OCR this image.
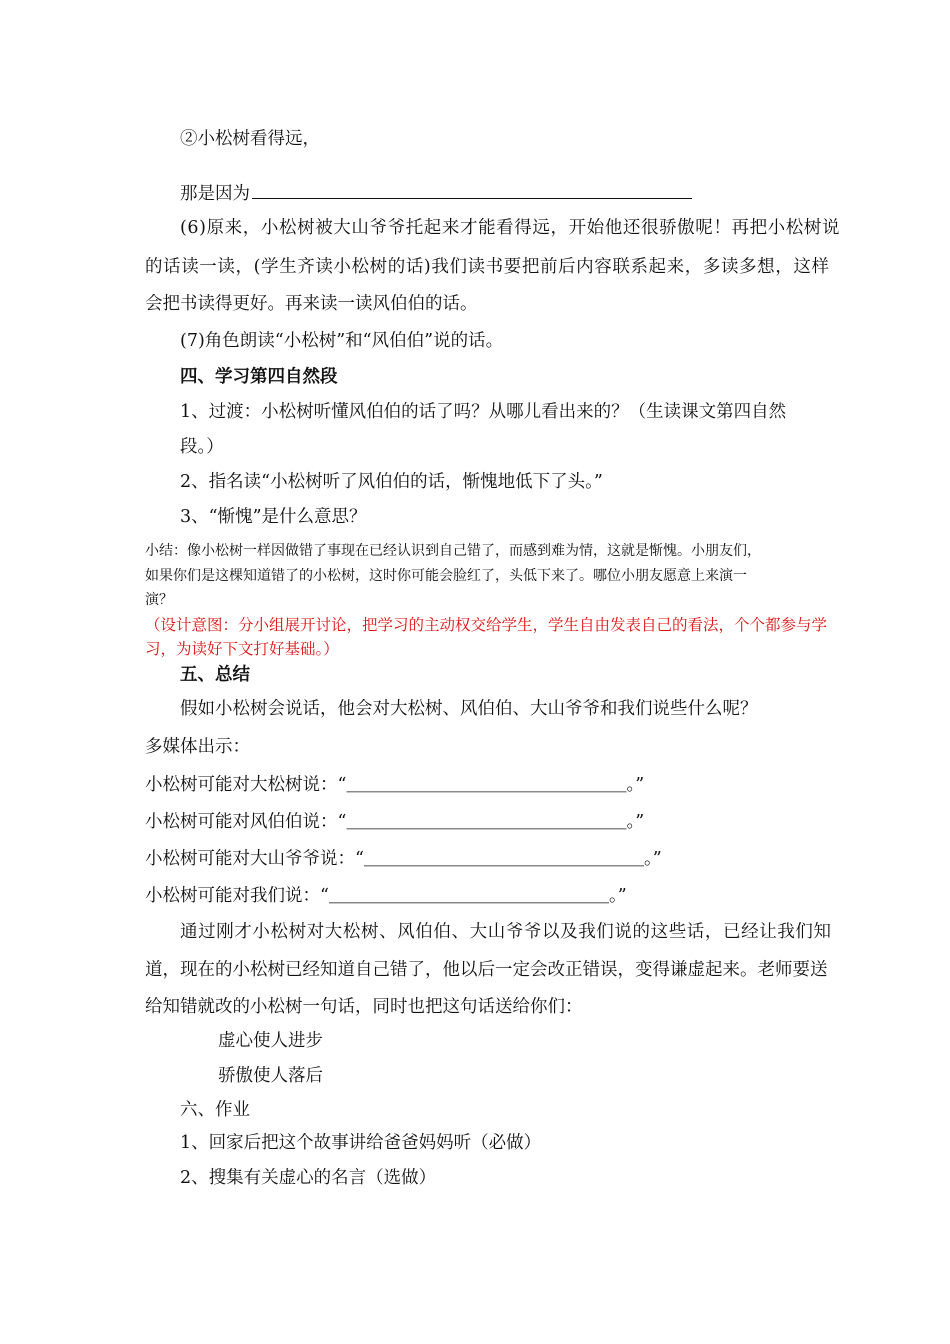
②小松树看得远，
那是因为
(6)原来，小松树被大山爷爷托起来才能看得远，开始他还很骄傲呢！再把小松树说
的话读一读，(学生齐读小松树的话)我们读书要把前后内容联系起来，多读多想，这样
会把书读得更好。再来读一读风伯伯的话。
(7)角色朗读“小松树”和“风伯伯”说的话。
四、学习第四自然段
1、过渡：小松树听懂风伯伯的话了吗？从哪儿看出来的？（生读课文第四自然
段。）
2、指名读“小松树听了风伯伯的话，惭愧地低下了头。”
3、“惭愧”是什么意思？
小结：像小松树一样因做错了事现在已经认识到自己错了，而感到难为情，这就是惭愧。小朋友们，
如果你们是这棵知道错了的小松树，这时你可能会脸红了，头低下来了。哪位小朋友愿意上来演一
演？
（设计意图：分小组展开讨论，把学习的主动权交给学生，学生自由发表自己的看法，个个都参与学
习，为读好下文打好基础。）
五、总结
假如小松树会说话，他会对大松树、风伯伯、大山爷爷和我们说些什么呢？
多媒体出示：
小松树可能对大松树说：“＿＿＿＿＿＿＿＿＿＿＿＿＿＿＿＿。”
小松树可能对风伯伯说：“＿＿＿＿＿＿＿＿＿＿＿＿＿＿＿＿。”
小松树可能对大山爷爷说：“＿＿＿＿＿＿＿＿＿＿＿＿＿＿＿＿。”
小松树可能对我们说：“＿＿＿＿＿＿＿＿＿＿＿＿＿＿＿＿。”
通过刚才小松树对大松树、风伯伯、大山爷爷以及我们说的这些话，已经让我们知
道，现在的小松树已经知道自己错了，他以后一定会改正错误，变得谦虚起来。老师要送
给知错就改的小松树一句话，同时也把这句话送给你们：
虚心使人进步
骄傲使人落后
六、作业
1、回家后把这个故事讲给爸爸妈妈听（必做）
2、搜集有关虚心的名言（选做）
